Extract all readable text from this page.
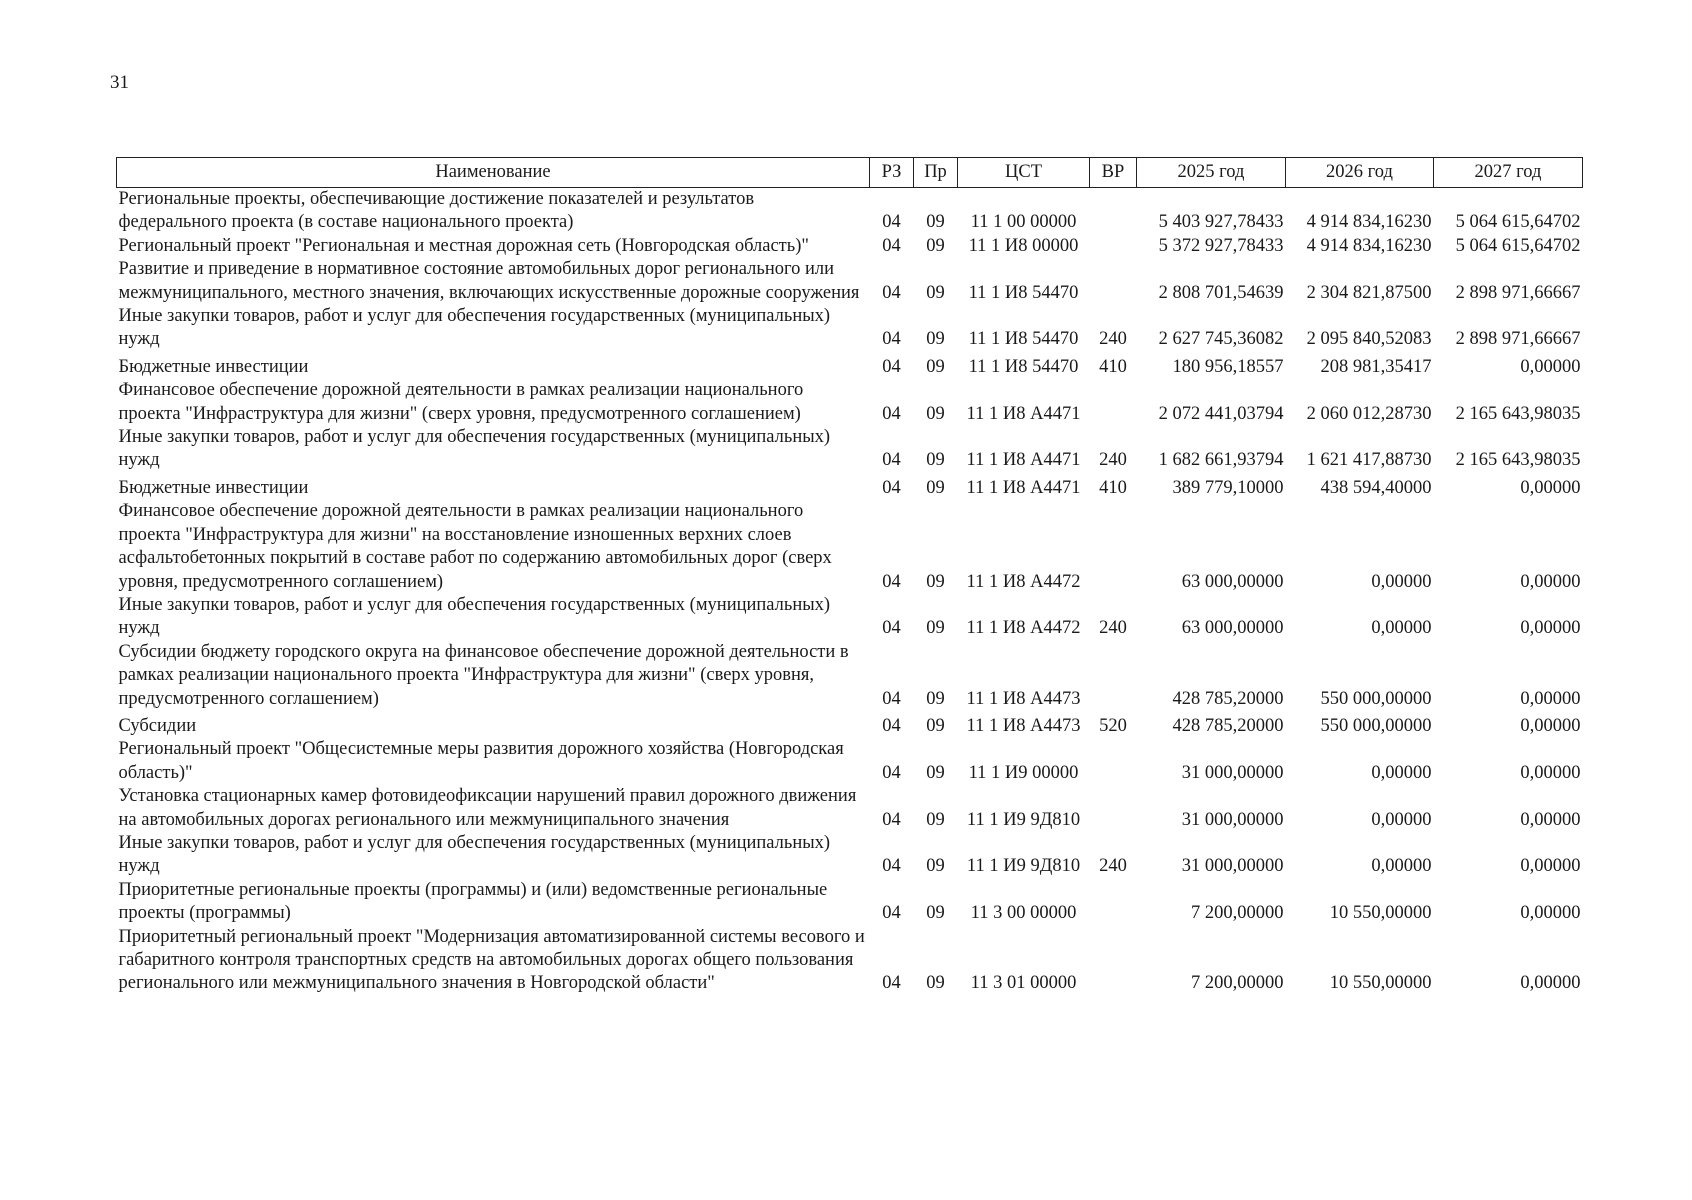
31
Наименование	РЗ	Пр	ЦСТ	ВР	2025 год	2026 год	2027 год
Региональные проекты, обеспечивающие достижение показателей и результатов федерального проекта (в составе национального проекта)	04	09	11 1 00 00000		5 403 927,78433	4 914 834,16230	5 064 615,64702
Региональный проект "Региональная и местная дорожная сеть (Новгородская область)"	04	09	11 1 И8 00000		5 372 927,78433	4 914 834,16230	5 064 615,64702
Развитие и приведение в нормативное состояние автомобильных дорог регионального или межмуниципального, местного значения, включающих искусственные дорожные сооружения	04	09	11 1 И8 54470		2 808 701,54639	2 304 821,87500	2 898 971,66667
Иные закупки товаров, работ и услуг для обеспечения государственных (муниципальных) нужд	04	09	11 1 И8 54470	240	2 627 745,36082	2 095 840,52083	2 898 971,66667
Бюджетные инвестиции	04	09	11 1 И8 54470	410	180 956,18557	208 981,35417	0,00000
Финансовое обеспечение дорожной деятельности в рамках реализации национального проекта "Инфраструктура для жизни" (сверх уровня, предусмотренного соглашением)	04	09	11 1 И8 А4471		2 072 441,03794	2 060 012,28730	2 165 643,98035
Иные закупки товаров, работ и услуг для обеспечения государственных (муниципальных) нужд	04	09	11 1 И8 А4471	240	1 682 661,93794	1 621 417,88730	2 165 643,98035
Бюджетные инвестиции	04	09	11 1 И8 А4471	410	389 779,10000	438 594,40000	0,00000
Финансовое обеспечение дорожной деятельности в рамках реализации национального проекта "Инфраструктура для жизни" на восстановление изношенных верхних слоев асфальтобетонных покрытий в составе работ по содержанию автомобильных дорог (сверх уровня, предусмотренного соглашением)	04	09	11 1 И8 А4472		63 000,00000	0,00000	0,00000
Иные закупки товаров, работ и услуг для обеспечения государственных (муниципальных) нужд	04	09	11 1 И8 А4472	240	63 000,00000	0,00000	0,00000
Субсидии бюджету городского округа на финансовое обеспечение дорожной деятельности в рамках реализации национального проекта "Инфраструктура для жизни" (сверх уровня, предусмотренного соглашением)	04	09	11 1 И8 А4473		428 785,20000	550 000,00000	0,00000
Субсидии	04	09	11 1 И8 А4473	520	428 785,20000	550 000,00000	0,00000
Региональный проект "Общесистемные меры развития дорожного хозяйства (Новгородская область)"	04	09	11 1 И9 00000		31 000,00000	0,00000	0,00000
Установка стационарных камер фотовидеофиксации нарушений правил дорожного движения на автомобильных дорогах регионального или межмуниципального значения	04	09	11 1 И9 9Д810		31 000,00000	0,00000	0,00000
Иные закупки товаров, работ и услуг для обеспечения государственных (муниципальных) нужд	04	09	11 1 И9 9Д810	240	31 000,00000	0,00000	0,00000
Приоритетные региональные проекты (программы) и (или) ведомственные региональные проекты (программы)	04	09	11 3 00 00000		7 200,00000	10 550,00000	0,00000
Приоритетный региональный проект "Модернизация автоматизированной системы весового и габаритного контроля транспортных средств на автомобильных дорогах общего пользования регионального или межмуниципального значения в Новгородской области"	04	09	11 3 01 00000		7 200,00000	10 550,00000	0,00000
